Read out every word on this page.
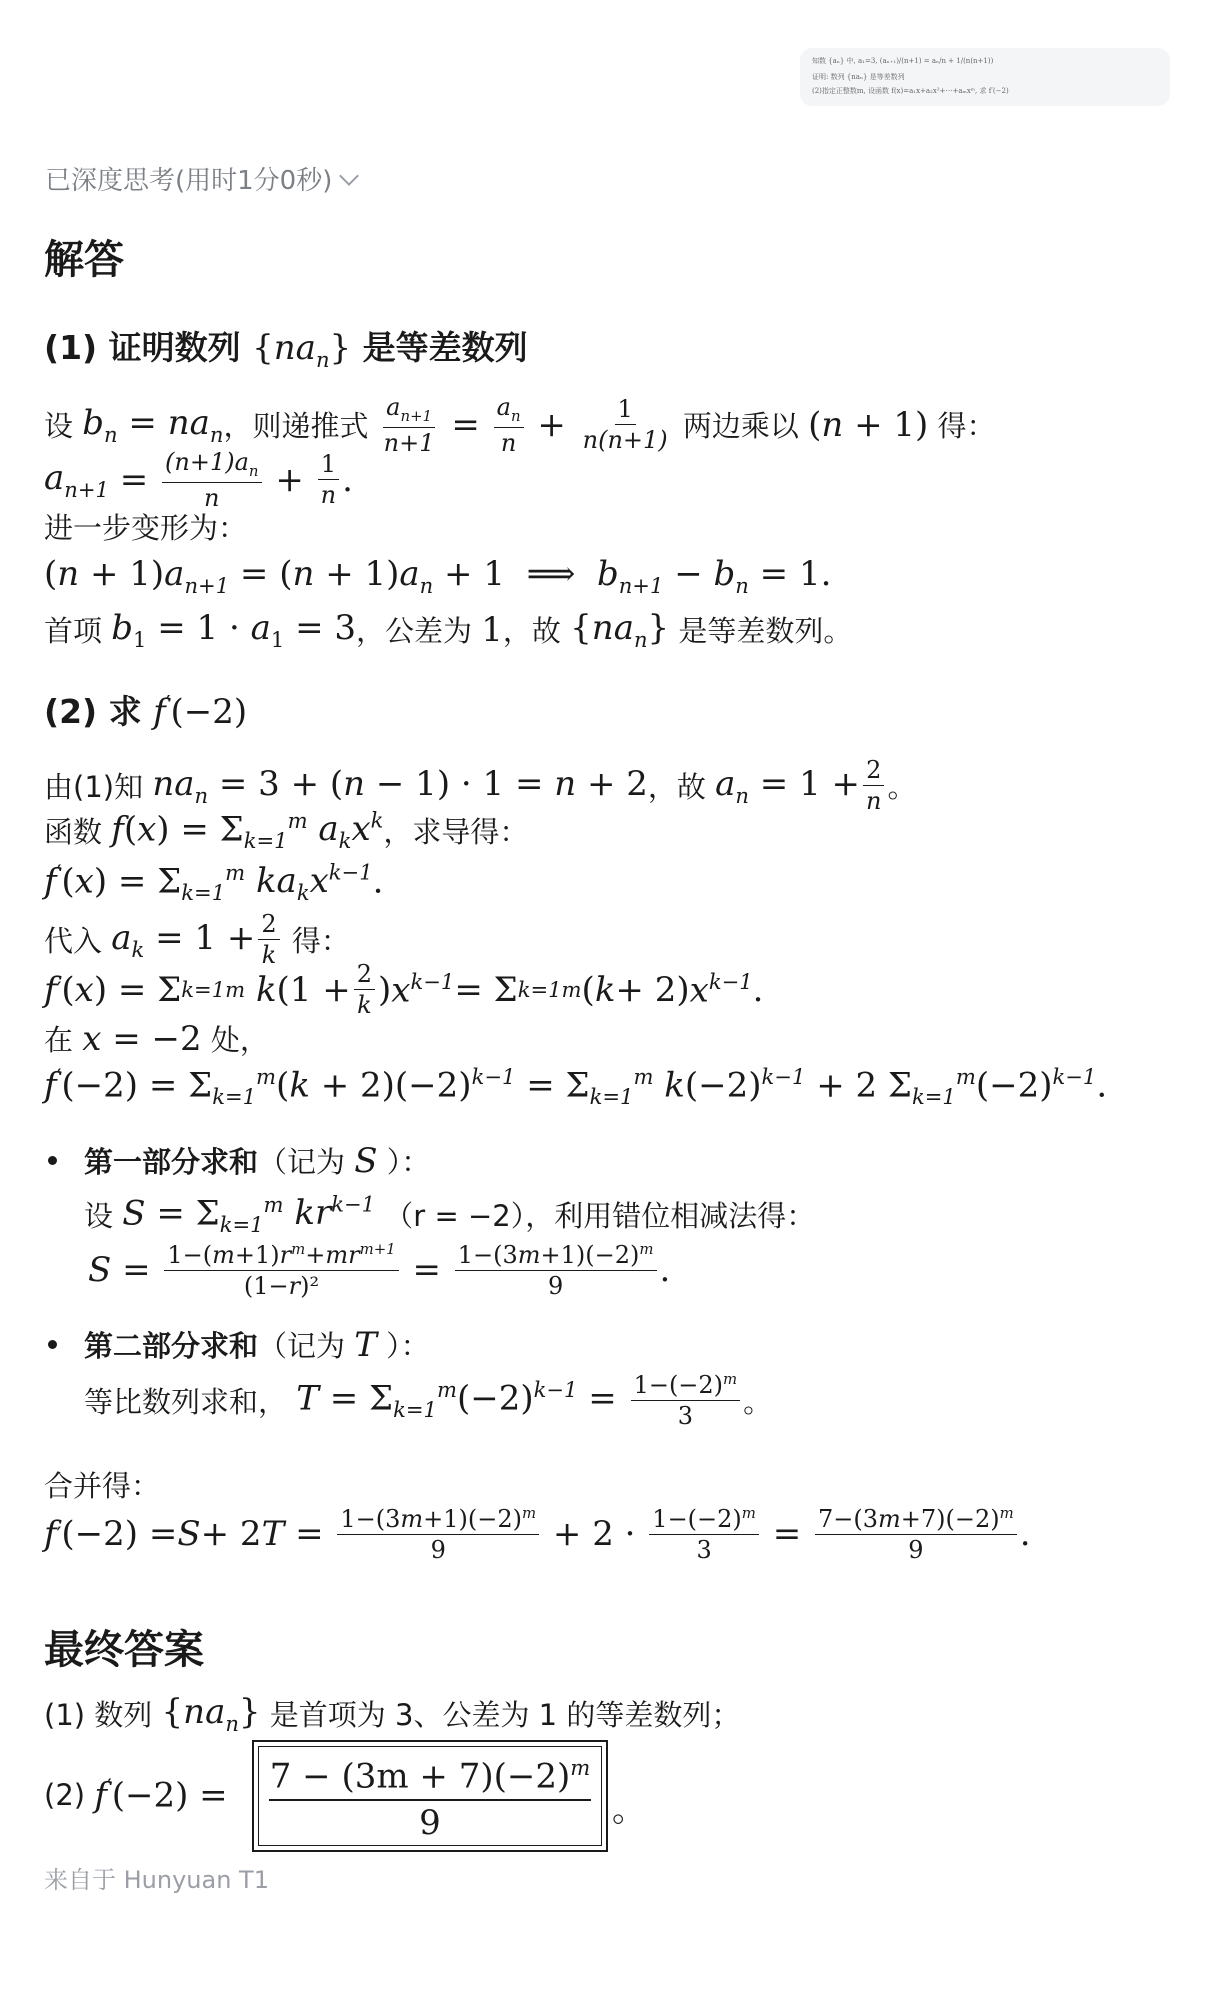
知数 {aₙ} 中, a₁=3, (aₙ₊₁)/(n+1) = aₙ/n + 1/(n(n+1))
证明: 数列 {naₙ} 是等差数列
(2)指定正整数m, 设函数 f(x)=a₁x+a₂x²+⋯+aₘxᵐ, 求 f′(−2)
已深度思考(用时1分0秒)
解答
(1) 证明数列 $\{na_n\}$ 是等差数列
设
$b_n = na_n$ ，则递推式
$\frac{a_{n+1}}{n+1} = \frac{a_n}{n} + \frac{1}{n(n+1)}$
两边乘以
(n + 1)
得：
$a_{n+1} = \frac{(n+1)a_n}{n} + \frac{1}{n}$ .
进一步变形为：
$(n + 1)a_{n+1} = (n + 1)a_n + 1$  ⟹  $b_{n+1} - b_n = 1$.
首项
$b_1 = 1 \cdot a_1 = 3$ ，公差为
1 ，故
$\{na_n\}$
是等差数列。
(2) 求 f′(−2)
由(1)知
$na_n = 3 + (n - 1) \cdot 1 = n + 2$ ，故
$a_n = 1 + \frac{2}{n}$ 。
函数
$f(x) = \Sigma_{k=1}^m$ $a_kx^k$ ，求导得：
$f'(x) = \Sigma_{k=1}^m$ $ka_kx^{k-1}$.
代入
$a_k = 1 + \frac{2}{k}$
得：
f ′ ( x ) = Σ k=1 m
k ($1 + \frac{2}{k}$ ) $x^{k-1} = \Sigma$ k=1 m ( k + 2) $x^{k-1}$ .
在
x = −2
处，
$f'(-2) = \Sigma_{k=1}^m(k + 2)(-2)^{k-1} = \Sigma_{k=1}^m$ $k(-2)^{k-1} + 2$ $\Sigma_{k=1}^m(-2)^{k-1}$.
第一部分求和 （记为
S
）：
设
$S = \Sigma_{k=1}^m$ $kr^{k-1}$
（r = −2），利用错位相减法得：
$S = \frac{1-(m+1)r^m+mr^{m+1}}{\text{(1−r)²}} = \frac{1-(3m+1)(-2)^m}{9}$ .
第二部分求和 （记为
T
）：
等比数列求和，
$T = \Sigma_{k=1}^m(-2)^{k-1} = \frac{1-(-2)^m}{3}$ 。
合并得：
f ′ (−2) = S + 2 $T = \frac{1-(3m+1)(-2)^m}{9} + 2 \cdot \frac{1-(-2)^m}{3} = \frac{7-(3m+7)(-2)^m}{9}$ .
最终答案
(1) 数列
$\{na_n\}$
是首项为 3、公差为 1 的等差数列；
(2)
f′(−2) =	$7 - (3m + 7)(-2)^m$
9	。
来自于 Hunyuan T1
